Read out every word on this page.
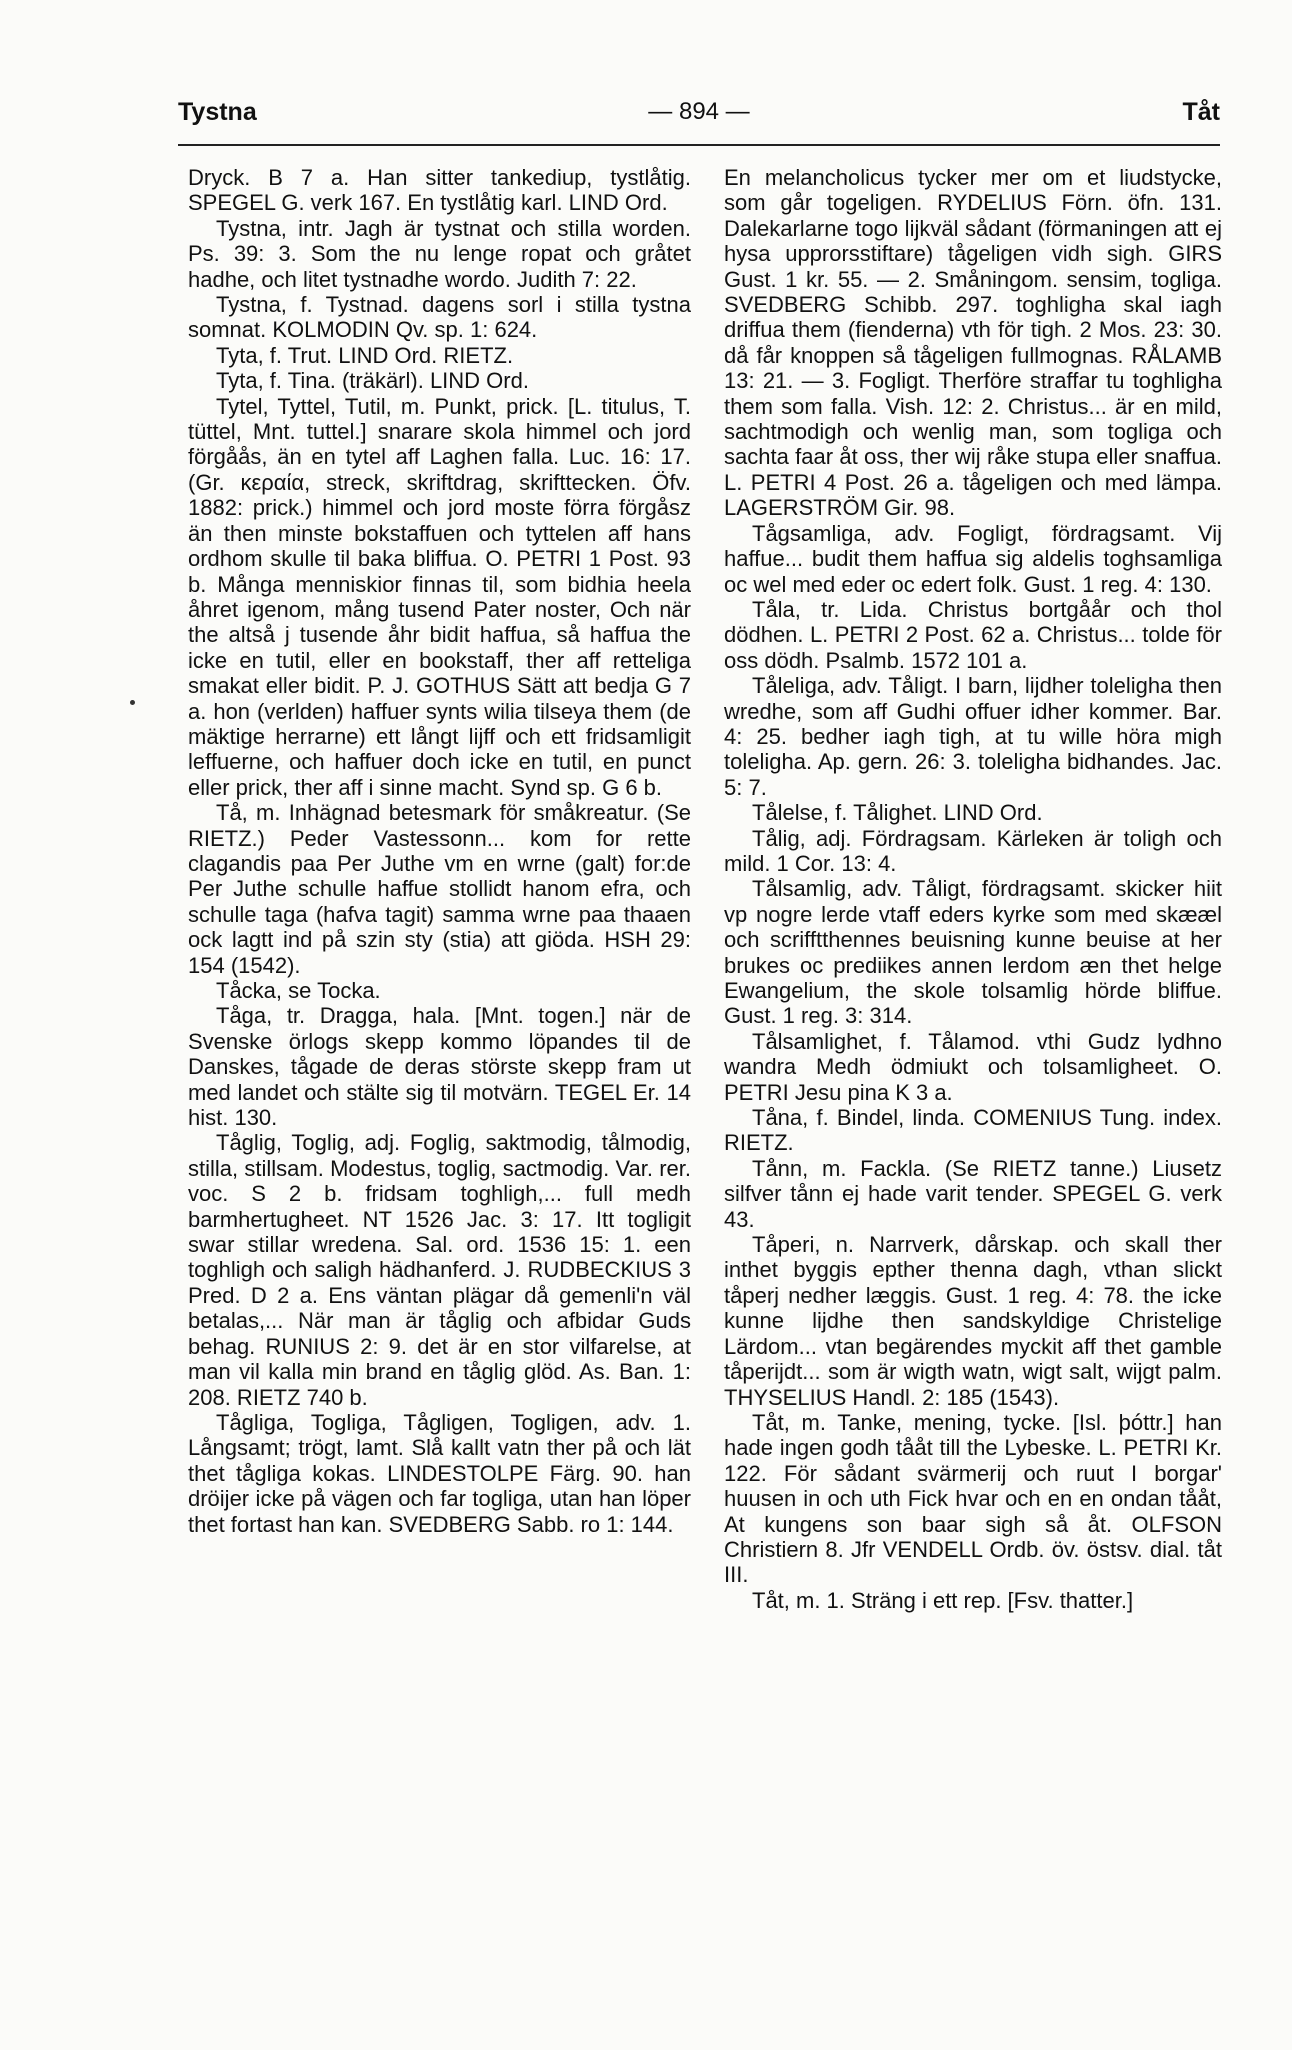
Tystna	— 894 —	Tåt

Dryck. B 7 a. Han sitter tankediup, tystlåtig. SPEGEL G. verk 167. En tystlåtig karl. LIND Ord.

Tystna, intr. Jagh är tystnat och stilla worden. Ps. 39: 3. Som the nu lenge ropat och gråtet hadhe, och litet tystnadhe wordo. Judith 7: 22.

Tystna, f. Tystnad. dagens sorl i stilla tystna somnat. KOLMODIN Qv. sp. 1: 624.

Tyta, f. Trut. LIND Ord. RIETZ.

Tyta, f. Tina. (träkärl). LIND Ord.

Tytel, Tyttel, Tutil, m. Punkt, prick. [L. titulus, T. tüttel, Mnt. tuttel.] snarare skola himmel och jord förgåås, än en tytel aff Laghen falla. Luc. 16: 17. (Gr. κεραία, streck, skriftdrag, skrifttecken. Öfv. 1882: prick.) himmel och jord moste förra förgåsz än then minste bokstaffuen och tyttelen aff hans ordhom skulle til baka bliffua. O. PETRI 1 Post. 93 b. Många menniskior finnas til, som bidhia heela åhret igenom, mång tusend Pater noster, Och när the altså j tusende åhr bidit haffua, så haffua the icke en tutil, eller en bookstaff, ther aff retteliga smakat eller bidit. P. J. GOTHUS Sätt att bedja G 7 a. hon (verlden) haffuer synts wilia tilseya them (de mäktige herrarne) ett långt lijff och ett fridsamligit leffuerne, och haffuer doch icke en tutil, en punct eller prick, ther aff i sinne macht. Synd sp. G 6 b.

Tå, m. Inhägnad betesmark för småkreatur. (Se RIETZ.) Peder Vastessonn... kom for rette clagandis paa Per Juthe vm en wrne (galt) for:de Per Juthe schulle haffue stollidt hanom efra, och schulle taga (hafva tagit) samma wrne paa thaaen ock lagtt ind på szin sty (stia) att giöda. HSH 29: 154 (1542).

Tåcka, se Tocka.

Tåga, tr. Dragga, hala. [Mnt. togen.] när de Svenske örlogs skepp kommo löpandes til de Danskes, tågade de deras störste skepp fram ut med landet och stälte sig til motvärn. TEGEL Er. 14 hist. 130.

Tåglig, Toglig, adj. Foglig, saktmodig, tålmodig, stilla, stillsam. Modestus, toglig, sactmodig. Var. rer. voc. S 2 b. fridsam toghligh,... full medh barmhertugheet. NT 1526 Jac. 3: 17. Itt togligit swar stillar wredena. Sal. ord. 1536 15: 1. een toghligh och saligh hädhanferd. J. RUDBECKIUS 3 Pred. D 2 a. Ens väntan plägar då gemenli'n väl betalas,... När man är tåglig och afbidar Guds behag. RUNIUS 2: 9. det är en stor vilfarelse, at man vil kalla min brand en tåglig glöd. As. Ban. 1: 208. RIETZ 740 b.

Tågliga, Togliga, Tågligen, Togligen, adv. 1. Långsamt; trögt, lamt. Slå kallt vatn ther på och lät thet tågliga kokas. LINDESTOLPE Färg. 90. han dröijer icke på vägen och far togliga, utan han löper thet fortast han kan. SVEDBERG Sabb. ro 1: 144.

En melancholicus tycker mer om et liudstycke, som går togeligen. RYDELIUS Förn. öfn. 131. Dalekarlarne togo lijkväl sådant (förmaningen att ej hysa upprorsstiftare) tågeligen vidh sigh. GIRS Gust. 1 kr. 55. — 2. Småningom. sensim, togliga. SVEDBERG Schibb. 297. toghligha skal iagh driffua them (fienderna) vth för tigh. 2 Mos. 23: 30. då får knoppen så tågeligen fullmognas. RÅLAMB 13: 21. — 3. Fogligt. Therföre straffar tu toghligha them som falla. Vish. 12: 2. Christus... är en mild, sachtmodigh och wenlig man, som togliga och sachta faar åt oss, ther wij råke stupa eller snaffua. L. PETRI 4 Post. 26 a. tågeligen och med lämpa. LAGERSTRÖM Gir. 98.

Tågsamliga, adv. Fogligt, fördragsamt. Vij haffue... budit them haffua sig aldelis toghsamliga oc wel med eder oc edert folk. Gust. 1 reg. 4: 130.

Tåla, tr. Lida. Christus bortgåår och thol dödhen. L. PETRI 2 Post. 62 a. Christus... tolde för oss dödh. Psalmb. 1572 101 a.

Tåleliga, adv. Tåligt. I barn, lijdher toleligha then wredhe, som aff Gudhi offuer idher kommer. Bar. 4: 25. bedher iagh tigh, at tu wille höra migh toleligha. Ap. gern. 26: 3. toleligha bidhandes. Jac. 5: 7.

Tålelse, f. Tålighet. LIND Ord.

Tålig, adj. Fördragsam. Kärleken är toligh och mild. 1 Cor. 13: 4.

Tålsamlig, adv. Tåligt, fördragsamt. skicker hiit vp nogre lerde vtaff eders kyrke som med skææl och scrifftthennes beuisning kunne beuise at her brukes oc prediikes annen lerdom æn thet helge Ewangelium, the skole tolsamlig hörde bliffue. Gust. 1 reg. 3: 314.

Tålsamlighet, f. Tålamod. vthi Gudz lydhno wandra Medh ödmiukt och tolsamligheet. O. PETRI Jesu pina K 3 a.

Tåna, f. Bindel, linda. COMENIUS Tung. index. RIETZ.

Tånn, m. Fackla. (Se RIETZ tanne.) Liusetz silfver tånn ej hade varit tender. SPEGEL G. verk 43.

Tåperi, n. Narrverk, dårskap. och skall ther inthet byggis epther thenna dagh, vthan slickt tåperj nedher læggis. Gust. 1 reg. 4: 78. the icke kunne lijdhe then sandskyldige Christelige Lärdom... vtan begärendes myckit aff thet gamble tåperijdt... som är wigth watn, wigt salt, wijgt palm. THYSELIUS Handl. 2: 185 (1543).

Tåt, m. Tanke, mening, tycke. [Isl. þóttr.] han hade ingen godh tååt till the Lybeske. L. PETRI Kr. 122. För sådant svärmerij och ruut I borgar' huusen in och uth Fick hvar och en en ondan tååt, At kungens son baar sigh så åt. OLFSON Christiern 8. Jfr VENDELL Ordb. öv. östsv. dial. tåt III.

Tåt, m. 1. Sträng i ett rep. [Fsv. thatter.]
